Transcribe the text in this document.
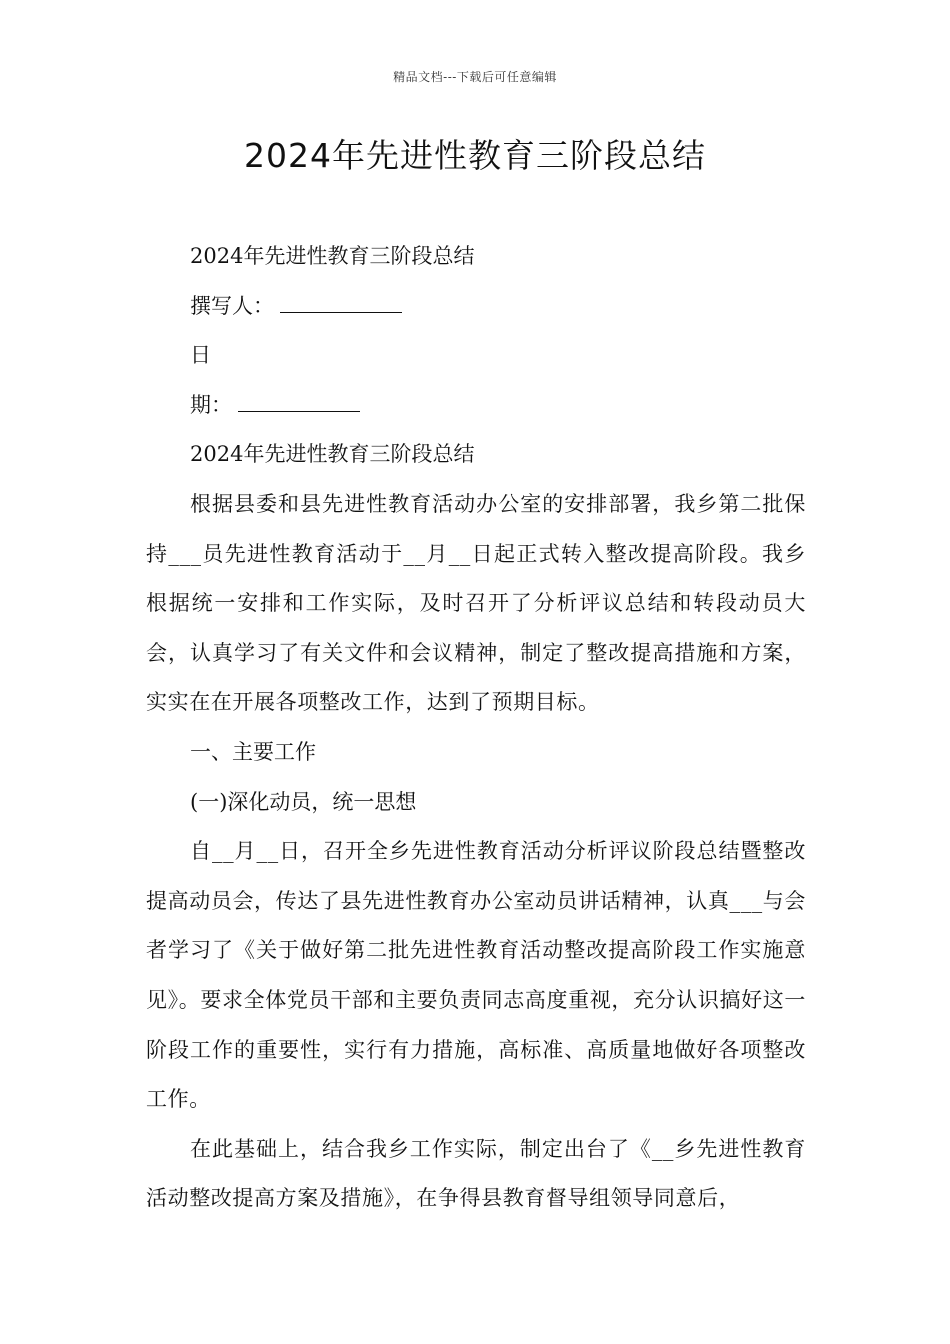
精品文档---下载后可任意编辑
2024年先进性教育三阶段总结

2024年先进性教育三阶段总结

撰写人：

日

期：

2024年先进性教育三阶段总结

根据县委和县先进性教育活动办公室的安排部署，我乡第二批保持___员先进性教育活动于__月__日起正式转入整改提高阶段。我乡根据统一安排和工作实际，及时召开了分析评议总结和转段动员大会，认真学习了有关文件和会议精神，制定了整改提高措施和方案，实实在在开展各项整改工作，达到了预期目标。

一、主要工作

(一)深化动员，统一思想

自__月__日，召开全乡先进性教育活动分析评议阶段总结暨整改提高动员会，传达了县先进性教育办公室动员讲话精神，认真___与会者学习了《关于做好第二批先进性教育活动整改提高阶段工作实施意见》。要求全体党员干部和主要负责同志高度重视，充分认识搞好这一阶段工作的重要性，实行有力措施，高标准、高质量地做好各项整改工作。

在此基础上，结合我乡工作实际，制定出台了《__乡先进性教育活动整改提高方案及措施》，在争得县教育督导组领导同意后，
